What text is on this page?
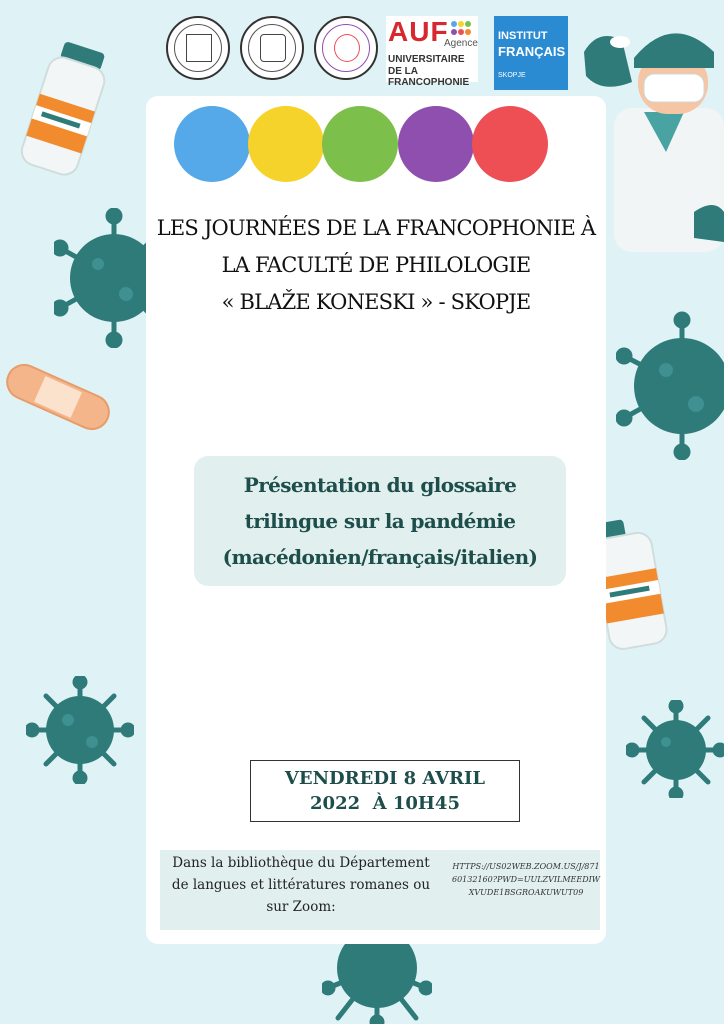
AUF
Agence
UNIVERSITAIRE
DE LA FRANCOPHONIE
INSTITUT
FRANÇAIS
SKOPJE
LES JOURNÉES DE LA FRANCOPHONIE À
LA FACULTÉ DE PHILOLOGIE
« BLAŽE KONESKI » - SKOPJE
Présentation du glossaire
trilingue sur la pandémie
(macédonien/français/italien)
VENDREDI 8 AVRIL
2022  À 10H45
Dans la bibliothèque du Département de langues et littératures romanes ou sur Zoom:
HTTPS://US02WEB.ZOOM.US/J/87160132160?PWD=UULZVILMEEDIWXVUDE1BSGROAKUWUT09
